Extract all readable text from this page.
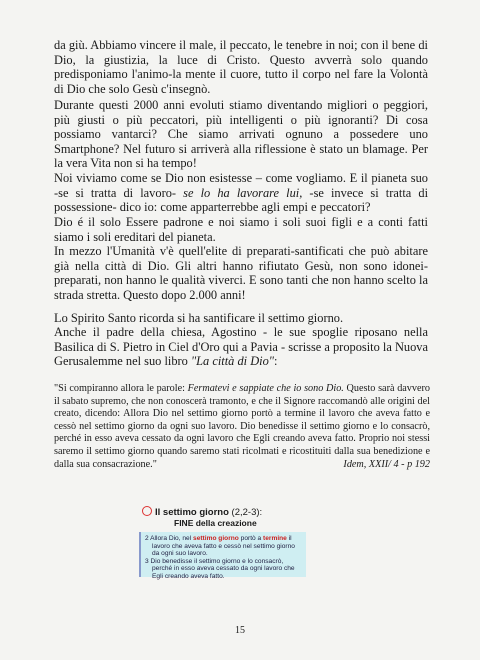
da giù. Abbiamo vincere il male, il peccato, le tenebre in noi; con il bene di Dio, la giustizia, la luce di Cristo. Questo avverrà solo quando predisponiamo l'animo-la mente il cuore, tutto il corpo nel fare la Volontà di Dio che solo Gesù c'insegnò.

Durante questi 2000 anni evoluti stiamo diventando migliori o peggiori, più giusti o più peccatori, più intelligenti o più ignoranti? Di cosa possiamo vantarci? Che siamo arrivati ognuno a possedere uno Smartphone? Nel futuro si arriverà alla riflessione è stato un blamage. Per la vera Vita non si ha tempo!

Noi viviamo come se Dio non esistesse – come vogliamo. E il pianeta suo -se si tratta di lavoro- se lo ha lavorare lui, -se invece si tratta di possessione- dico io: come apparterrebbe agli empi e peccatori?

Dio é il solo Essere padrone e noi siamo i soli suoi figli e a conti fatti siamo i soli ereditari del pianeta.

In mezzo l'Umanità v'è quell'elite di preparati-santificati che può abitare già nella città di Dio. Gli altri hanno rifiutato Gesù, non sono idonei-preparati, non hanno le qualità viverci. E sono tanti che non hanno scelto la strada stretta. Questo dopo 2.000 anni!

Lo Spirito Santo ricorda si ha santificare il settimo giorno.

Anche il padre della chiesa, Agostino - le sue spoglie riposano nella Basilica di S. Pietro in Ciel d'Oro qui a Pavia - scrisse a proposito la Nuova Gerusalemme nel suo libro "La città di Dio":

"Si compiranno allora le parole: Fermatevi e sappiate che io sono Dio. Questo sarà davvero il sabato supremo, che non conoscerà tramonto, e che il Signore raccomandò alle origini del creato, dicendo: Allora Dio nel settimo giorno portò a termine il lavoro che aveva fatto e cessò nel settimo giorno da ogni suo lavoro. Dio benedisse il settimo giorno e lo consacrò, perché in esso aveva cessato da ogni lavoro che Egli creando aveva fatto. Proprio noi stessi saremo il settimo giorno quando saremo stati ricolmati e ricostituiti dalla sua benedizione e dalla sua consacrazione."	Idem, XXII/ 4 - p 192

Il settimo giorno (2,2-3):
FINE della creazione
2 Allora Dio, nel settimo giorno portò a termine il lavoro che aveva fatto e cessò nel settimo giorno da ogni suo lavoro.
3 Dio benedisse il settimo giorno e lo consacrò, perché in esso aveva cessato da ogni lavoro che Egli creando aveva fatto.
15
